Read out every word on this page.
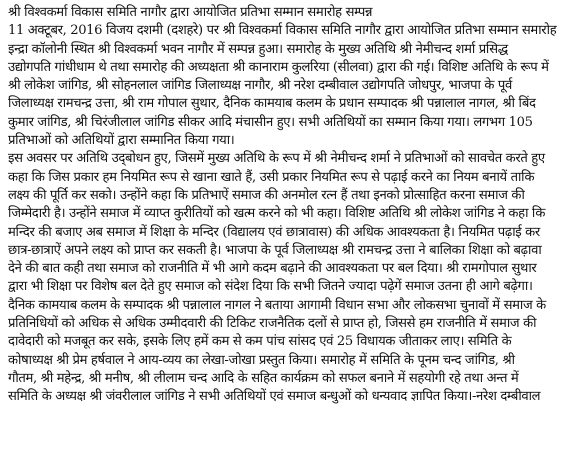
श्री विश्वकर्मा विकास समिति नागौर द्वारा आयोजित प्रतिभा सम्मान समारोह सम्पन्न
11 अक्टूबर, 2016 विजय दशमी (दशहरे) पर श्री विश्वकर्मा विकास समिति नागौर द्वारा आयोजित प्रतिभा सम्मान समारोह
इन्द्रा कॉलोनी स्थित श्री विश्वकर्मा भवन नागौर में सम्पन्न हुआ। समारोह के मुख्य अतिथि श्री नेमीचन्द शर्मा प्रसिद्ध
उद्योगपति गांधीधाम थे तथा समारोह की अध्यक्षता श्री कानाराम कुलरिया (सीलवा) द्वारा की गई। विशिष्ट अतिथि के रूप में
श्री लोकेश जांगिड, श्री सोहनलाल जांगिड जिलाध्यक्ष नागौर, श्री नरेश दम्बीवाल उद्योगपति जोधपुर, भाजपा के पूर्व
जिलाध्यक्ष रामचन्द्र उत्ता, श्री राम गोपाल सुथार, दैनिक कामयाब कलम के प्रधान सम्पादक श्री पन्नालाल नागल, श्री बिंद
कुमार जांगिड, श्री चिरंजीलाल जांगिड सीकर आदि मंचासीन हुए। सभी अतिथियों का सम्मान किया गया। लगभग 105
प्रतिभाओं को अतिथियों द्वारा सम्मानित किया गया।
इस अवसर पर अतिथि उद्‌बोधन हुए, जिसमें मुख्य अतिथि के रूप में श्री नेमीचन्द शर्मा ने प्रतिभाओं को सावचेत करते हुए
कहा कि जिस प्रकार हम नियमित रूप से खाना खाते हैं, उसी प्रकार नियमित रूप से पढ़ाई करने का नियम बनायें ताकि
लक्ष्य की पूर्ति कर सको। उन्होंने कहा कि प्रतिभाऐं समाज की अनमोल रत्न हैं तथा इनको प्रोत्साहित करना समाज की
जिम्मेदारी है। उन्होंने समाज में व्याप्त कुरीतियों को खत्म करने को भी कहा। विशिष्ट अतिथि श्री लोकेश जांगिड ने कहा कि
मन्दिर की बजाए अब समाज में शिक्षा के मन्दिर (विद्यालय एवं छात्रावास) की अधिक आवश्यकता है। नियमित पढ़ाई कर
छात्र-छात्राऐं अपने लक्ष्य को प्राप्त कर सकती है। भाजपा के पूर्व जिलाध्यक्ष श्री रामचन्द्र उत्ता ने बालिका शिक्षा को बढ़ावा
देने की बात कही तथा समाज को राजनीति में भी आगे कदम बढ़ाने की आवश्यकता पर बल दिया। श्री रामगोपाल सुथार
द्वारा भी शिक्षा पर विशेष बल देते हुए समाज को संदेश दिया कि सभी जितने ज्यादा पढ़ेगें समाज उतना ही आगे बढ़ेगा।
दैनिक कामयाब कलम के सम्पादक श्री पन्नालाल नागल ने बताया आगामी विधान सभा और लोकसभा चुनावों में समाज के
प्रतिनिधियों को अधिक से अधिक उम्मीदवारी की टिकिट राजनैतिक दलों से प्राप्त हो, जिससे हम राजनीति में समाज की
दावेदारी को मजबूत कर सके, इसके लिए हमें कम से कम पांच सांसद एवं 25 विधायक जीताकर लाए। समिति के
कोषाध्यक्ष श्री प्रेम हर्षवाल ने आय-व्यय का लेखा-जोखा प्रस्तुत किया। समारोह में समिति के पूनम चन्द जांगिड, श्री
गौतम, श्री महेन्द्र, श्री मनीष, श्री लीलाम चन्द आदि के सहित कार्यक्रम को सफल बनाने में सहयोगी रहे तथा अन्त में
समिति के अध्यक्ष श्री जंवरीलाल जांगिड ने सभी अतिथियों एवं समाज बन्धुओं को धन्यवाद ज्ञापित किया।-नरेश दम्बीवाल
